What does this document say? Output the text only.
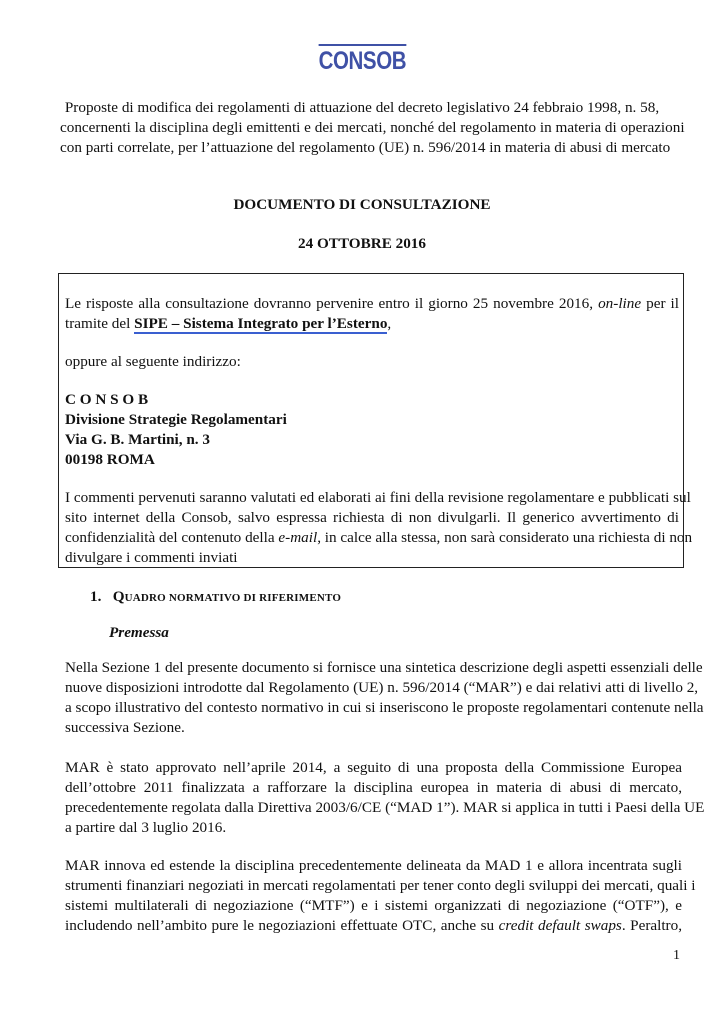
CONSOB
Proposte di modifica dei regolamenti di attuazione del decreto legislativo 24 febbraio 1998, n. 58,
concernenti la disciplina degli emittenti e dei mercati, nonché del regolamento in materia di operazioni
con parti correlate, per l’attuazione del regolamento (UE) n. 596/2014 in materia di abusi di mercato
DOCUMENTO DI CONSULTAZIONE
24 OTTOBRE 2016
Le risposte alla consultazione dovranno pervenire entro il giorno 25 novembre 2016, on-line per il
tramite del SIPE – Sistema Integrato per l’Esterno,
oppure al seguente indirizzo:
C O N S O B
Divisione Strategie Regolamentari
Via G. B. Martini, n. 3
00198 ROMA
I commenti pervenuti saranno valutati ed elaborati ai fini della revisione regolamentare e pubblicati sul
sito internet della Consob, salvo espressa richiesta di non divulgarli. Il generico avvertimento di
confidenzialità del contenuto della e-mail, in calce alla stessa, non sarà considerato una richiesta di non
divulgare i commenti inviati
1. QUADRO NORMATIVO DI RIFERIMENTO
Premessa
Nella Sezione 1 del presente documento si fornisce una sintetica descrizione degli aspetti essenziali delle
nuove disposizioni introdotte dal Regolamento (UE) n. 596/2014 (“MAR”) e dai relativi atti di livello 2,
a scopo illustrativo del contesto normativo in cui si inseriscono le proposte regolamentari contenute nella
successiva Sezione.
MAR è stato approvato nell’aprile 2014, a seguito di una proposta della Commissione Europea
dell’ottobre 2011 finalizzata a rafforzare la disciplina europea in materia di abusi di mercato,
precedentemente regolata dalla Direttiva 2003/6/CE (“MAD 1”). MAR si applica in tutti i Paesi della UE
a partire dal 3 luglio 2016.
MAR innova ed estende la disciplina precedentemente delineata da MAD 1 e allora incentrata sugli
strumenti finanziari negoziati in mercati regolamentati per tener conto degli sviluppi dei mercati, quali i
sistemi multilaterali di negoziazione (“MTF”) e i sistemi organizzati di negoziazione (“OTF”), e
includendo nell’ambito pure le negoziazioni effettuate OTC, anche su credit default swaps. Peraltro,
1
